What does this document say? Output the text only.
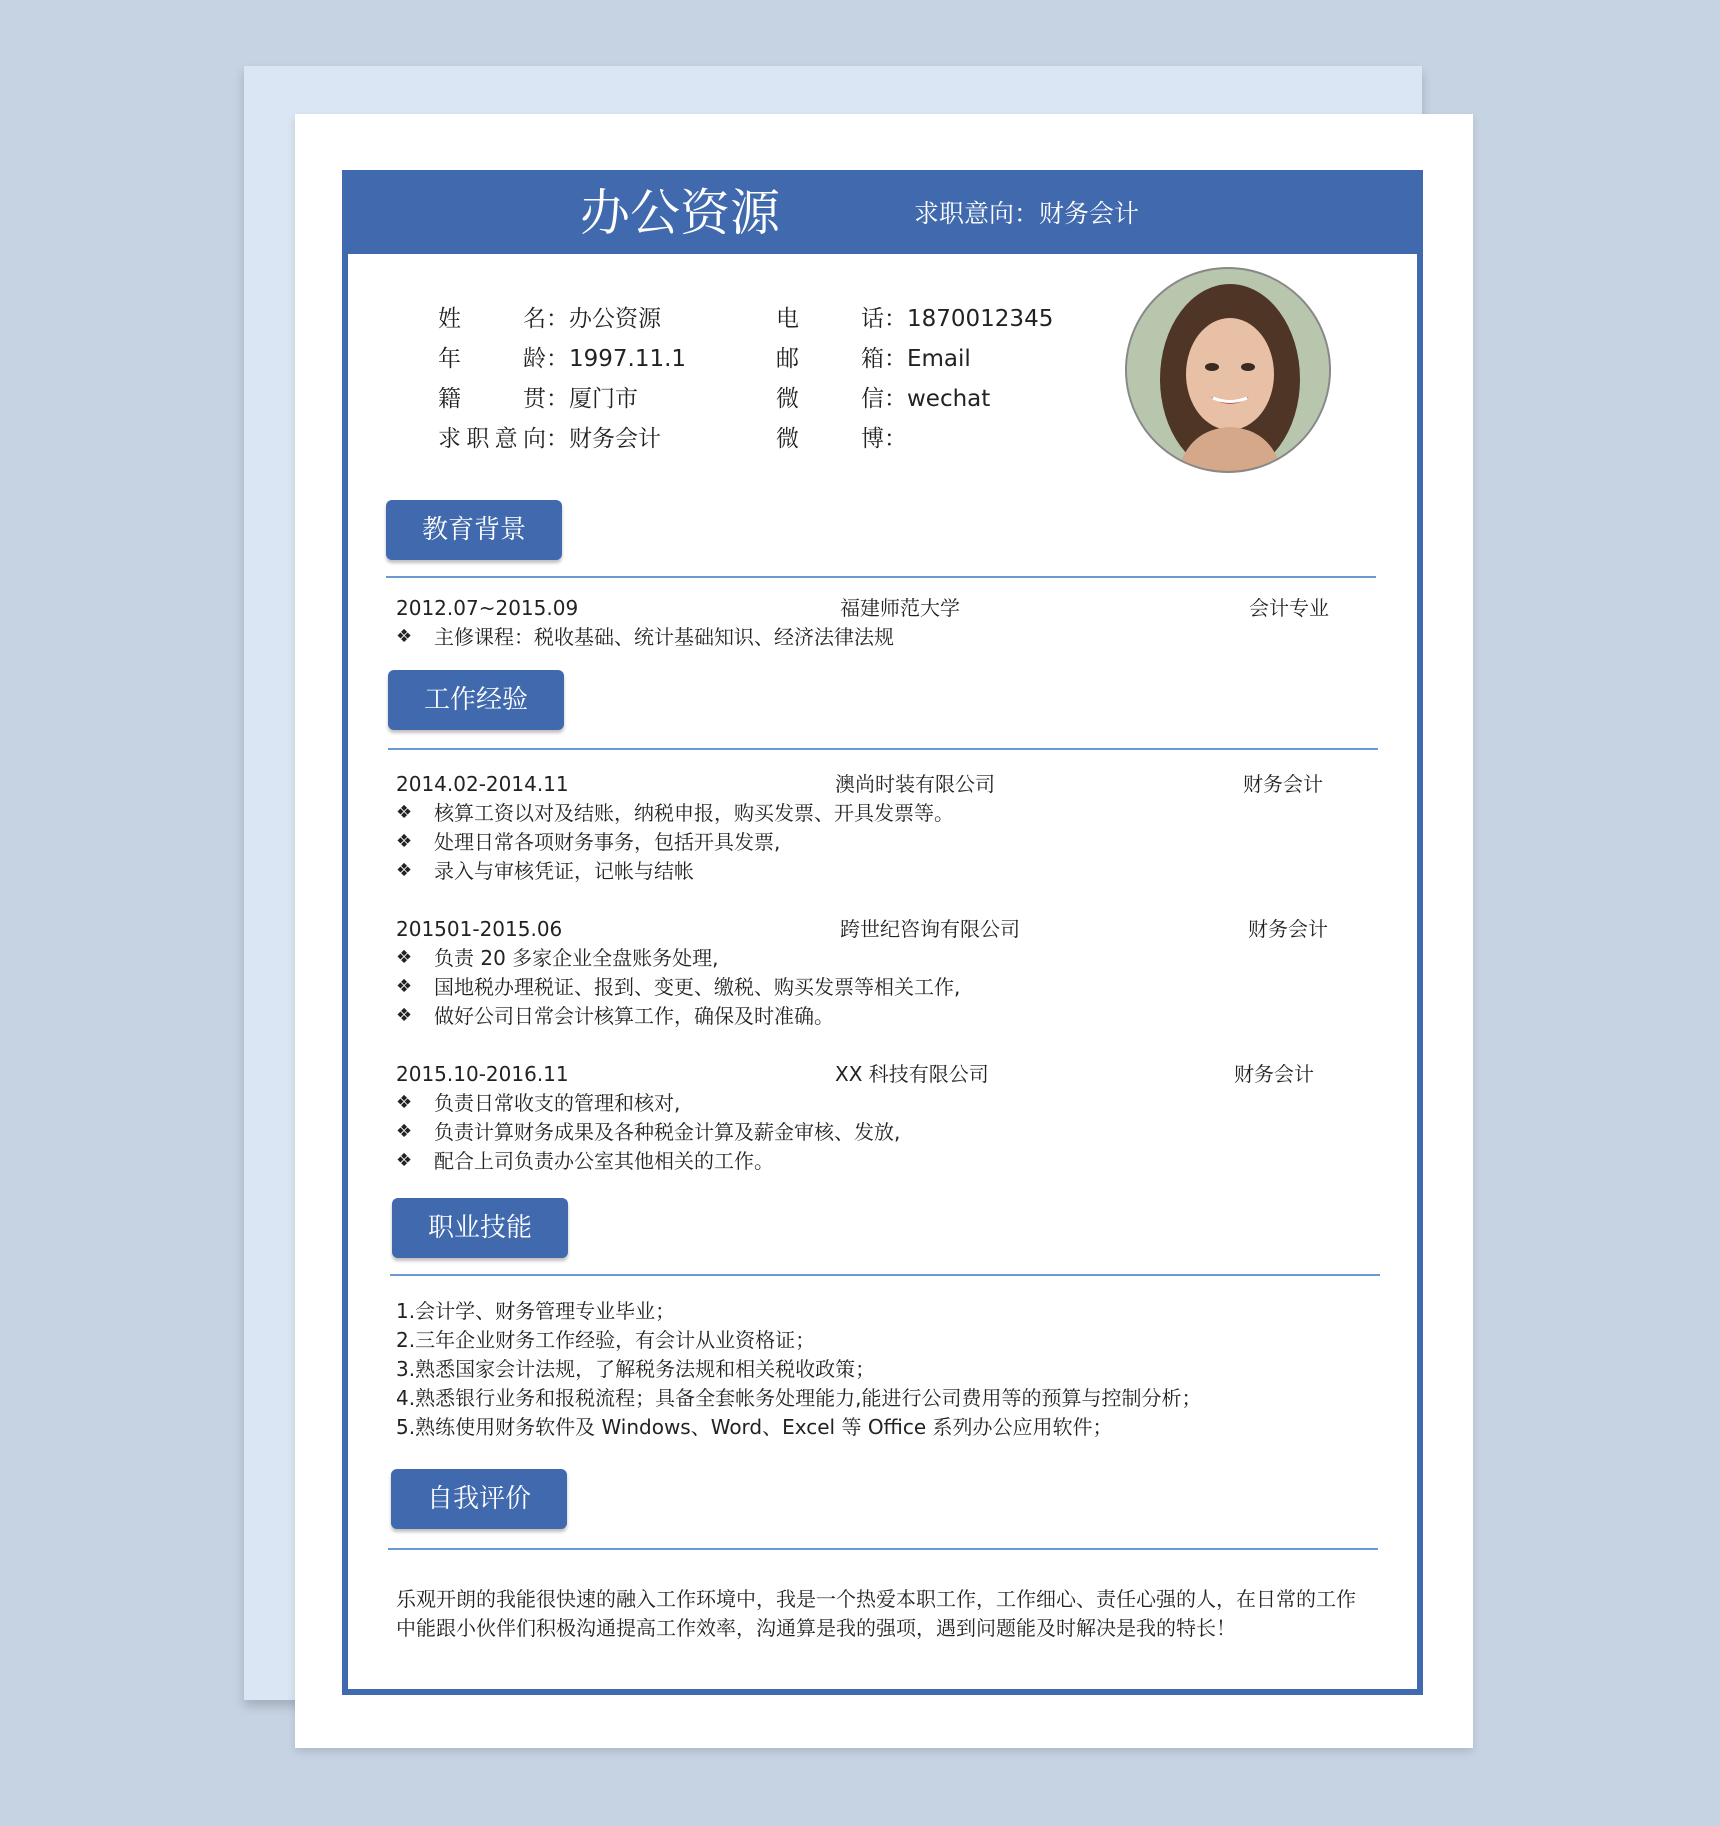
办公资源	求职意向：财务会计
姓名：办公资源
年龄：1997.11.1
籍贯：厦门市
求职意向：财务会计
电话：1870012345
邮箱：Email
微信：wechat
微博：
教育背景
2012.07~2015.09	福建师范大学	会计专业
❖ 主修课程：税收基础、统计基础知识、经济法律法规
工作经验
2014.02-2014.11	澳尚时装有限公司	财务会计
❖ 核算工资以对及结账，纳税申报，购买发票、开具发票等。
❖ 处理日常各项财务事务，包括开具发票,
❖ 录入与审核凭证，记帐与结帐
201501-2015.06	跨世纪咨询有限公司	财务会计
❖ 负责 20 多家企业全盘账务处理,
❖ 国地税办理税证、报到、变更、缴税、购买发票等相关工作,
❖ 做好公司日常会计核算工作，确保及时准确。
2015.10-2016.11	XX 科技有限公司	财务会计
❖ 负责日常收支的管理和核对,
❖ 负责计算财务成果及各种税金计算及薪金审核、发放,
❖ 配合上司负责办公室其他相关的工作。
职业技能
1.会计学、财务管理专业毕业；
2.三年企业财务工作经验，有会计从业资格证；
3.熟悉国家会计法规，了解税务法规和相关税收政策；
4.熟悉银行业务和报税流程；具备全套帐务处理能力,能进行公司费用等的预算与控制分析；
5.熟练使用财务软件及 Windows、Word、Excel 等 Office 系列办公应用软件；
自我评价
乐观开朗的我能很快速的融入工作环境中，我是一个热爱本职工作，工作细心、责任心强的人，在日常的工作
中能跟小伙伴们积极沟通提高工作效率，沟通算是我的强项，遇到问题能及时解决是我的特长！
